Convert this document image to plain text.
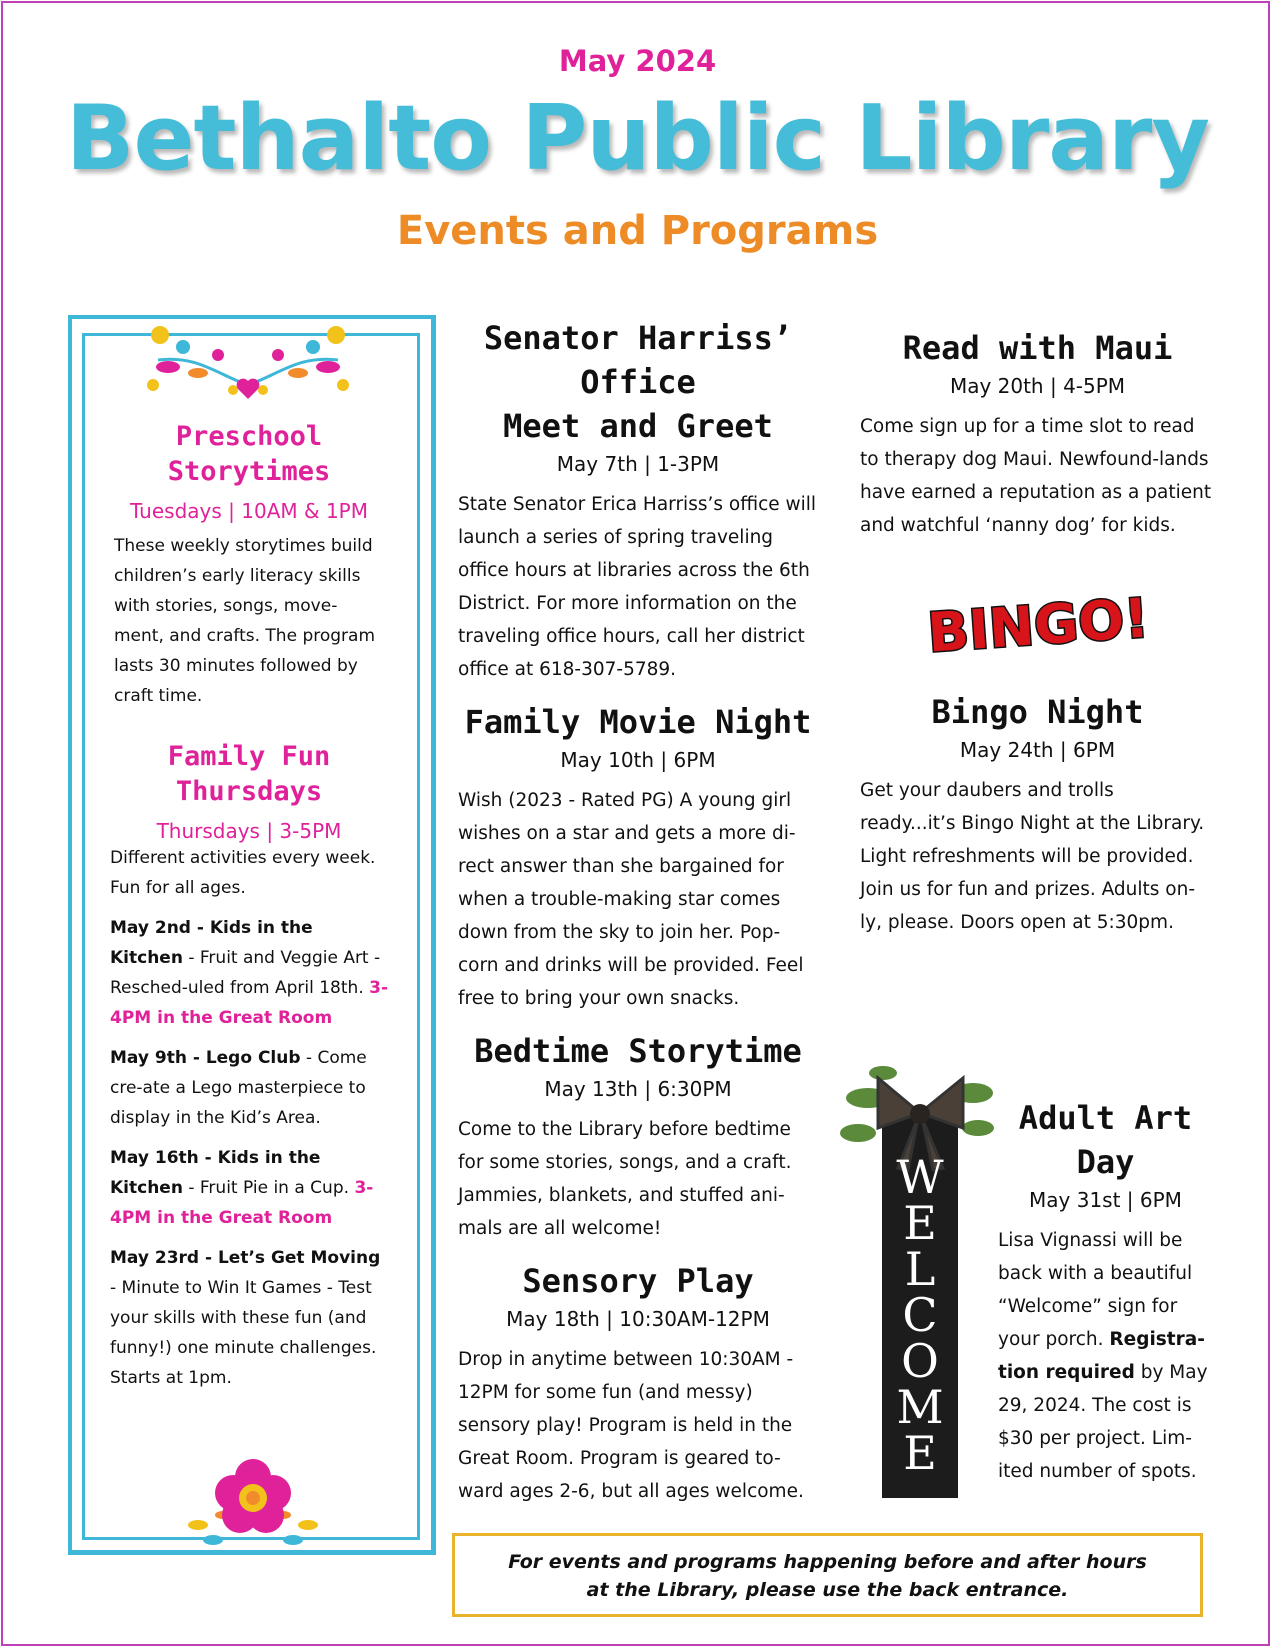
May 2024
Bethalto Public Library
Events and Programs
Preschool
Storytimes
Tuesdays | 10AM & 1PM
These weekly storytimes build children’s early literacy skills with stories, songs, move-ment, and crafts. The program lasts 30 minutes followed by craft time.
Family Fun
Thursdays
Thursdays | 3-5PM
Different activities every week. Fun for all ages.
May 2nd - Kids in the Kitchen - Fruit and Veggie Art - Resched-uled from April 18th. 3-4PM in the Great Room
May 9th - Lego Club - Come cre-ate a Lego masterpiece to display in the Kid’s Area.
May 16th - Kids in the Kitchen - Fruit Pie in a Cup. 3-4PM in the Great Room
May 23rd - Let’s Get Moving - Minute to Win It Games - Test your skills with these fun (and funny!) one minute challenges. Starts at 1pm.
Senator Harriss’ Office
Meet and Greet
May 7th | 1-3PM
State Senator Erica Harriss’s office will launch a series of spring traveling office hours at libraries across the 6th District. For more information on the traveling office hours, call her district office at 618-307-5789.
Family Movie Night
May 10th | 6PM
Wish (2023 - Rated PG) A young girl wishes on a star and gets a more di-rect answer than she bargained for when a trouble-making star comes down from the sky to join her. Pop-corn and drinks will be provided. Feel free to bring your own snacks.
Bedtime Storytime
May 13th | 6:30PM
Come to the Library before bedtime for some stories, songs, and a craft. Jammies, blankets, and stuffed ani-mals are all welcome!
Sensory Play
May 18th | 10:30AM-12PM
Drop in anytime between 10:30AM - 12PM for some fun (and messy) sensory play! Program is held in the Great Room. Program is geared to-ward ages 2-6, but all ages welcome.
Read with Maui
May 20th | 4-5PM
Come sign up for a time slot to read to therapy dog Maui. Newfound-lands have earned a reputation as a patient and watchful ‘nanny dog’ for kids.
BINGO!
Bingo Night
May 24th | 6PM
Get your daubers and trolls ready...it’s Bingo Night at the Library. Light refreshments will be provided. Join us for fun and prizes. Adults on-ly, please. Doors open at 5:30pm.
W
E
L
C
O
M
E
Adult Art Day
May 31st | 6PM
Lisa Vignassi will be back with a beautiful “Welcome” sign for your porch. Registra-tion required by May 29, 2024. The cost is $30 per project. Lim-ited number of spots.
For events and programs happening before and after hours
at the Library, please use the back entrance.
